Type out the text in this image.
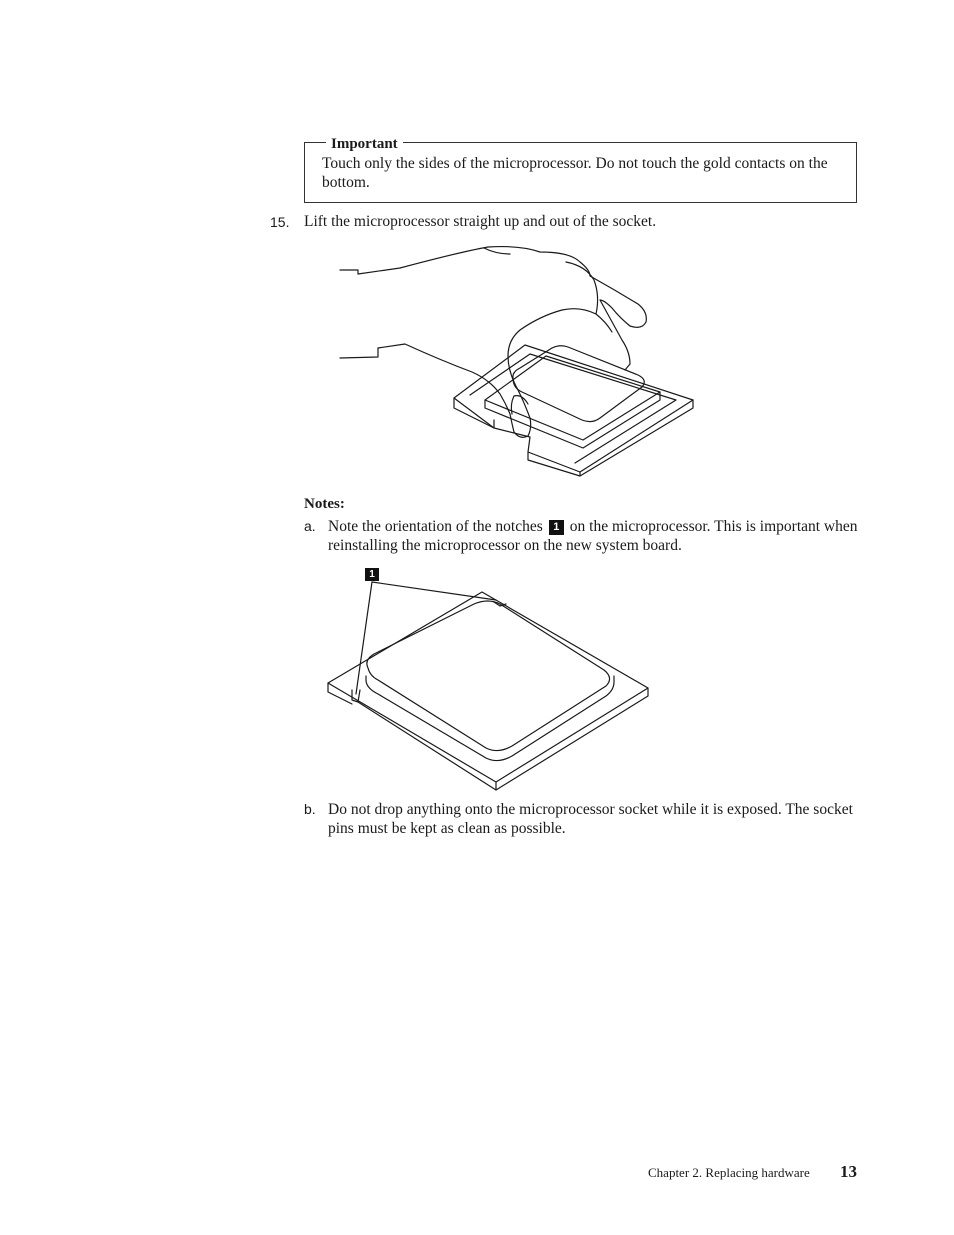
Important
Touch only the sides of the microprocessor. Do not touch the gold contacts on the bottom.
15. Lift the microprocessor straight up and out of the socket.
Notes:
a. Note the orientation of the notches 1 on the microprocessor. This is important when reinstalling the microprocessor on the new system board.
1
b. Do not drop anything onto the microprocessor socket while it is exposed. The socket pins must be kept as clean as possible.
Chapter 2. Replacing hardware 13
